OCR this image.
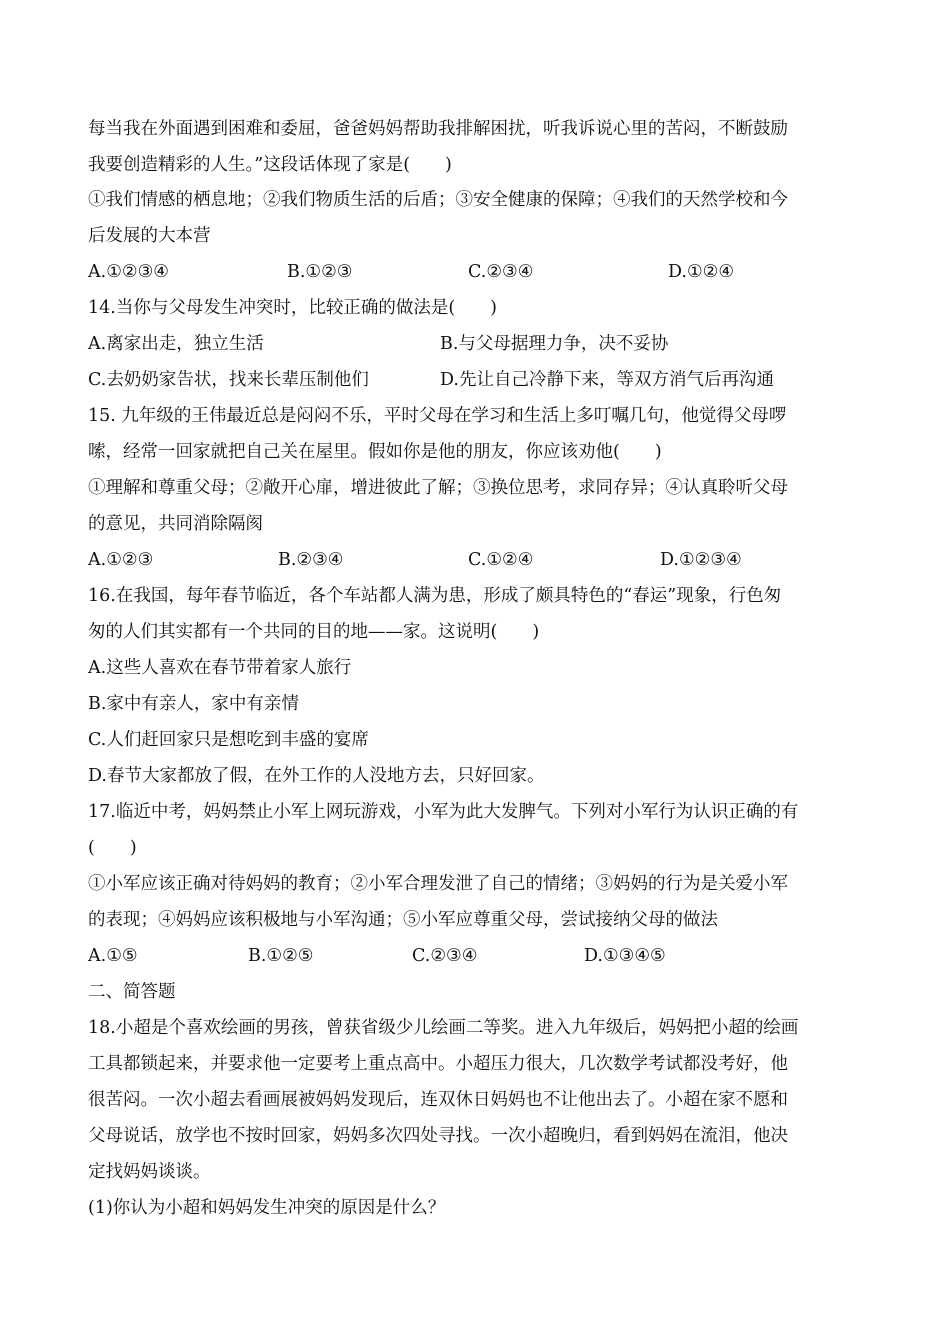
每当我在外面遇到困难和委屈，爸爸妈妈帮助我排解困扰，听我诉说心里的苦闷，不断鼓励
我要创造精彩的人生。”这段话体现了家是(　　)
①我们情感的栖息地；②我们物质生活的后盾；③安全健康的保障；④我们的天然学校和今
后发展的大本营
A.①②③④	B.①②③	C.②③④	D.①②④
14.当你与父母发生冲突时，比较正确的做法是(　　)
A.离家出走，独立生活	B.与父母据理力争，决不妥协
C.去奶奶家告状，找来长辈压制他们	D.先让自己冷静下来，等双方消气后再沟通
15. 九年级的王伟最近总是闷闷不乐，平时父母在学习和生活上多叮嘱几句，他觉得父母啰
嗦，经常一回家就把自己关在屋里。假如你是他的朋友，你应该劝他(　　)
①理解和尊重父母；②敞开心扉，增进彼此了解；③换位思考，求同存异；④认真聆听父母
的意见，共同消除隔阂
A.①②③	B.②③④	C.①②④	D.①②③④
16.在我国，每年春节临近，各个车站都人满为患，形成了颇具特色的“春运”现象，行色匆
匆的人们其实都有一个共同的目的地——家。这说明(　　)
A.这些人喜欢在春节带着家人旅行
B.家中有亲人，家中有亲情
C.人们赶回家只是想吃到丰盛的宴席
D.春节大家都放了假，在外工作的人没地方去，只好回家。
17.临近中考，妈妈禁止小军上网玩游戏，小军为此大发脾气。下列对小军行为认识正确的有
(　　)
①小军应该正确对待妈妈的教育；②小军合理发泄了自己的情绪；③妈妈的行为是关爱小军
的表现；④妈妈应该积极地与小军沟通；⑤小军应尊重父母，尝试接纳父母的做法
A.①⑤	B.①②⑤	C.②③④	D.①③④⑤
二、简答题
18.小超是个喜欢绘画的男孩，曾获省级少儿绘画二等奖。进入九年级后，妈妈把小超的绘画
工具都锁起来，并要求他一定要考上重点高中。小超压力很大，几次数学考试都没考好，他
很苦闷。一次小超去看画展被妈妈发现后，连双休日妈妈也不让他出去了。小超在家不愿和
父母说话，放学也不按时回家，妈妈多次四处寻找。一次小超晚归，看到妈妈在流泪，他决
定找妈妈谈谈。
(1)你认为小超和妈妈发生冲突的原因是什么？
